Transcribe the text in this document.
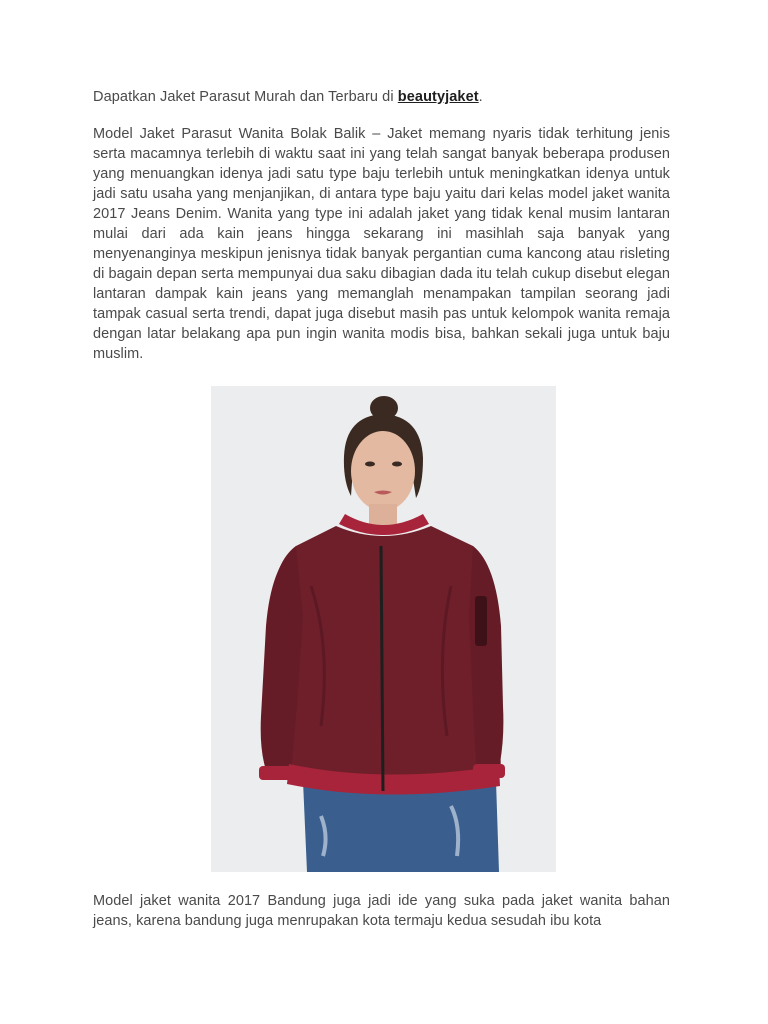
Dapatkan Jaket Parasut Murah dan Terbaru di beautyjaket.

Model Jaket Parasut Wanita Bolak Balik – Jaket memang nyaris tidak terhitung jenis serta macamnya terlebih di waktu saat ini yang telah sangat banyak beberapa produsen yang menuangkan idenya jadi satu type baju terlebih untuk meningkatkan idenya untuk jadi satu usaha yang menjanjikan, di antara type baju yaitu dari kelas model jaket wanita 2017 Jeans Denim. Wanita yang type ini adalah jaket yang tidak kenal musim lantaran mulai dari ada kain jeans hingga sekarang ini masihlah saja banyak yang menyenanginya meskipun jenisnya tidak banyak pergantian cuma kancong atau risleting di bagain depan serta mempunyai dua saku dibagian dada itu telah cukup disebut elegan lantaran dampak kain jeans yang memanglah menampakan tampilan seorang jadi tampak casual serta trendi, dapat juga disebut masih pas untuk kelompok wanita remaja dengan latar belakang apa pun ingin wanita modis bisa, bahkan sekali juga untuk baju muslim.

Model jaket wanita 2017 Bandung juga jadi ide yang suka pada jaket wanita bahan jeans, karena bandung juga menrupakan kota termaju kedua sesudah ibu kota
